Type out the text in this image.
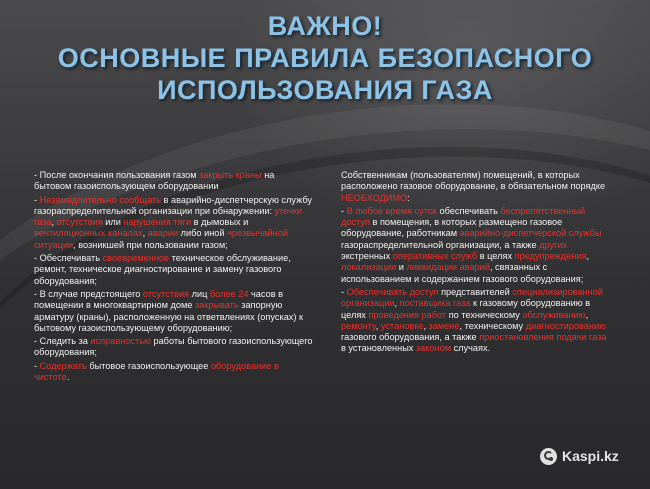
ВАЖНО!
ОСНОВНЫЕ ПРАВИЛА БЕЗОПАСНОГО
ИСПОЛЬЗОВАНИЯ ГАЗА

- После окончания пользования газом закрыть краны на бытовом газоиспользующем оборудовании

- Незамедлительно сообщать в аварийно-диспетчерскую службу газораспределительной организации при обнаружении: утечки газа, отсутствия или нарушения тяги в дымовых и вентиляционных каналах, аварии либо иной чрезвычайной ситуации, возникшей при пользовании газом;

- Обеспечивать своевременное техническое обслуживание, ремонт, техническое диагностирование и замену газового оборудования;

- В случае предстоящего отсутствия лиц более 24 часов в помещении в многоквартирном доме закрывать запорную арматуру (краны), расположенную на ответвлениях (опусках) к бытовому газоиспользующему оборудованию;

- Следить за исправностью работы бытового газоиспользующего оборудования;

- Содержать бытовое газоиспользующее оборудование в чистоте.

Собственникам (пользователям) помещений, в которых расположено газовое оборудование, в обязательном порядке НЕОБХОДИМО:

- В любое время суток обеспечивать беспрепятственный доступ в помещения, в которых размещено газовое оборудование, работникам аварийно-диспетчерской службы газораспределительной организации, а также других экстренных оперативных служб в целях предупреждения, локализации и ликвидации аварий, связанных с использованием и содержанием газового оборудования;

- Обеспечивать доступ представителей специализированной организации, поставщика газа к газовому оборудованию в целях проведения работ по техническому обслуживанию, ремонту, установке, замене, техническому диагностированию газового оборудования, а также приостановления подачи газа в установленных законом случаях.

Kaspi.kz
